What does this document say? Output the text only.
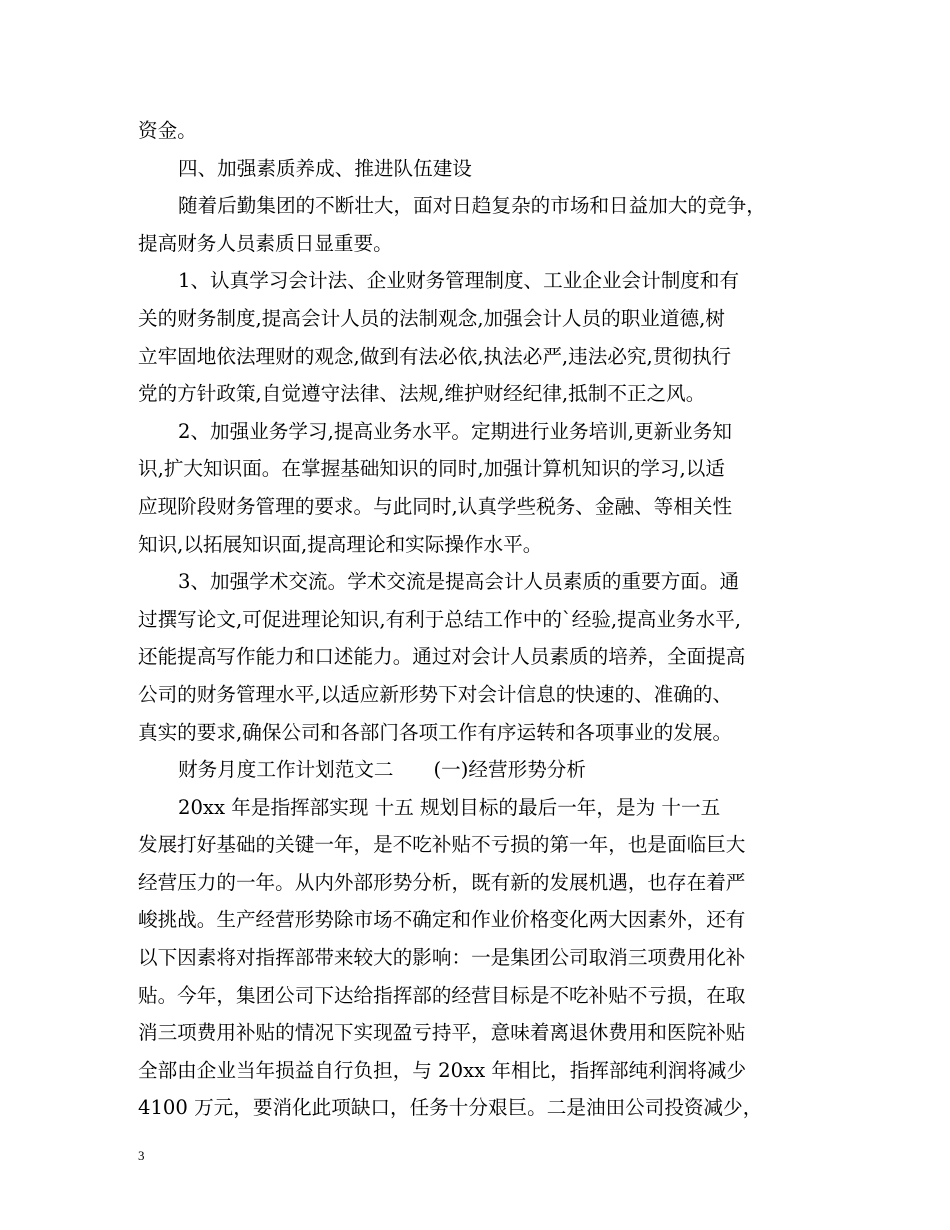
资金。
四、加强素质养成、推进队伍建设
随着后勤集团的不断壮大，面对日趋复杂的市场和日益加大的竞争，
提高财务人员素质日显重要。
1、认真学习会计法、企业财务管理制度、工业企业会计制度和有
关的财务制度,提高会计人员的法制观念,加强会计人员的职业道德,树
立牢固地依法理财的观念,做到有法必依,执法必严,违法必究,贯彻执行
党的方针政策,自觉遵守法律、法规,维护财经纪律,抵制不正之风。
2、加强业务学习,提高业务水平。定期进行业务培训,更新业务知
识,扩大知识面。在掌握基础知识的同时,加强计算机知识的学习,以适
应现阶段财务管理的要求。与此同时,认真学些税务、金融、等相关性
知识,以拓展知识面,提高理论和实际操作水平。
3、加强学术交流。学术交流是提高会计人员素质的重要方面。通
过撰写论文,可促进理论知识,有利于总结工作中的`经验,提高业务水平,
还能提高写作能力和口述能力。通过对会计人员素质的培养，全面提高
公司的财务管理水平,以适应新形势下对会计信息的快速的、准确的、
真实的要求,确保公司和各部门各项工作有序运转和各项事业的发展。
财务月度工作计划范文二 (一)经营形势分析
20xx 年是指挥部实现 十五 规划目标的最后一年，是为 十一五
发展打好基础的关键一年，是不吃补贴不亏损的第一年，也是面临巨大
经营压力的一年。从内外部形势分析，既有新的发展机遇，也存在着严
峻挑战。生产经营形势除市场不确定和作业价格变化两大因素外，还有
以下因素将对指挥部带来较大的影响：一是集团公司取消三项费用化补
贴。今年，集团公司下达给指挥部的经营目标是不吃补贴不亏损，在取
消三项费用补贴的情况下实现盈亏持平，意味着离退休费用和医院补贴
全部由企业当年损益自行负担，与 20xx 年相比，指挥部纯利润将减少
4100 万元，要消化此项缺口，任务十分艰巨。二是油田公司投资减少，
3
